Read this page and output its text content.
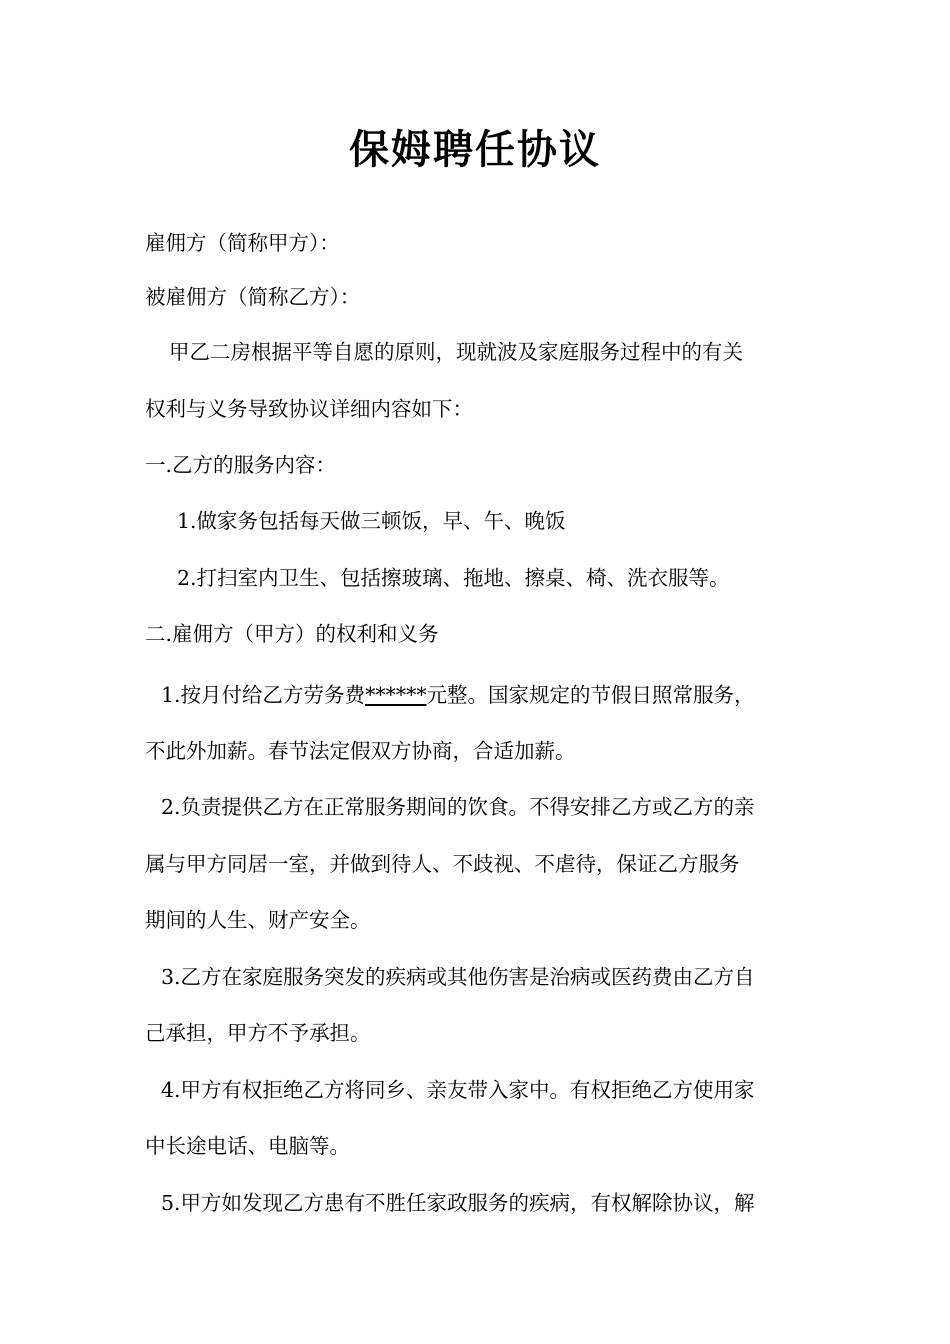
保姆聘任协议
雇佣方（简称甲方）：
被雇佣方（简称乙方）：
甲乙二房根据平等自愿的原则，现就波及家庭服务过程中的有关
权利与义务导致协议详细内容如下：
一.乙方的服务内容：
1.做家务包括每天做三顿饭，早、午、晚饭
2.打扫室内卫生、包括擦玻璃、拖地、擦桌、椅、洗衣服等。
二.雇佣方（甲方）的权利和义务
1.按月付给乙方劳务费******元整。国家规定的节假日照常服务，
不此外加薪。春节法定假双方协商，合适加薪。
2.负责提供乙方在正常服务期间的饮食。不得安排乙方或乙方的亲
属与甲方同居一室，并做到待人、不歧视、不虐待，保证乙方服务
期间的人生、财产安全。
3.乙方在家庭服务突发的疾病或其他伤害是治病或医药费由乙方自
己承担，甲方不予承担。
4.甲方有权拒绝乙方将同乡、亲友带入家中。有权拒绝乙方使用家
中长途电话、电脑等。
5.甲方如发现乙方患有不胜任家政服务的疾病，有权解除协议，解
